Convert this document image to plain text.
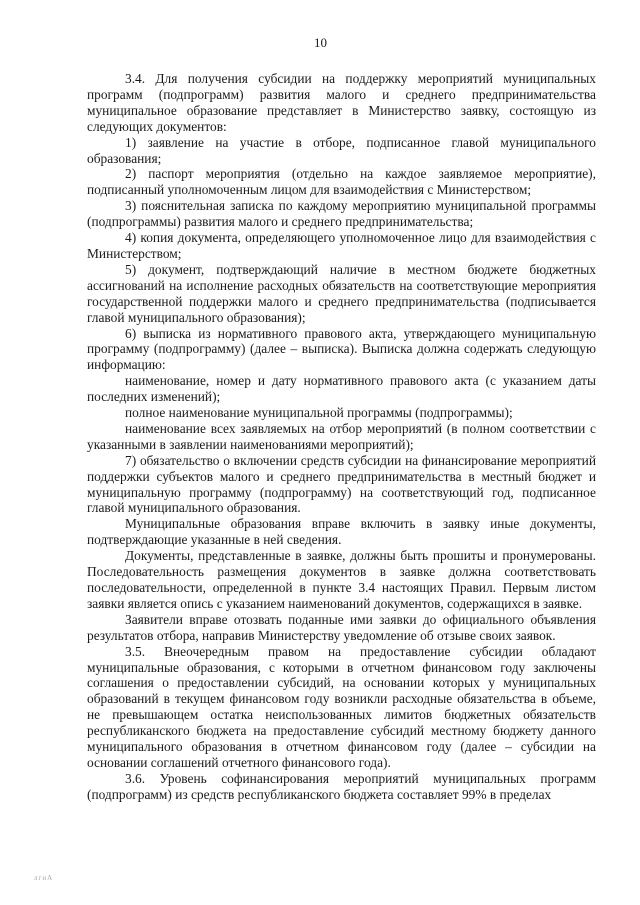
10

3.4. Для получения субсидии на поддержку мероприятий муниципальных программ (подпрограмм) развития малого и среднего предпринимательства муниципальное образование представляет в Министерство заявку, состоящую из следующих документов:

1) заявление на участие в отборе, подписанное главой муниципального образования;

2) паспорт мероприятия (отдельно на каждое заявляемое мероприятие), подписанный уполномоченным лицом для взаимодействия с Министерством;

3) пояснительная записка по каждому мероприятию муниципальной программы (подпрограммы) развития малого и среднего предпринимательства;

4) копия документа, определяющего уполномоченное лицо для взаимодействия с Министерством;

5) документ, подтверждающий наличие в местном бюджете бюджетных ассигнований на исполнение расходных обязательств на соответствующие мероприятия государственной поддержки малого и среднего предпринимательства (подписывается главой муниципального образования);

6) выписка из нормативного правового акта, утверждающего муниципальную программу (подпрограмму) (далее – выписка). Выписка должна содержать следующую информацию:

наименование, номер и дату нормативного правового акта (с указанием даты последних изменений);

полное наименование муниципальной программы (подпрограммы);

наименование всех заявляемых на отбор мероприятий (в полном соответствии с указанными в заявлении наименованиями мероприятий);

7) обязательство о включении средств субсидии на финансирование мероприятий поддержки субъектов малого и среднего предпринимательства в местный бюджет и муниципальную программу (подпрограмму) на соответствующий год, подписанное главой муниципального образования.

Муниципальные образования вправе включить в заявку иные документы, подтверждающие указанные в ней сведения.

Документы, представленные в заявке, должны быть прошиты и пронумерованы. Последовательность размещения документов в заявке должна соответствовать последовательности, определенной в пункте 3.4 настоящих Правил. Первым листом заявки является опись с указанием наименований документов, содержащихся в заявке.

Заявители вправе отозвать поданные ими заявки до официального объявления результатов отбора, направив Министерству уведомление об отзыве своих заявок.

3.5. Внеочередным правом на предоставление субсидии обладают муниципальные образования, с которыми в отчетном финансовом году заключены соглашения о предоставлении субсидий, на основании которых у муниципальных образований в текущем финансовом году возникли расходные обязательства в объеме, не превышающем остатка неиспользованных лимитов бюджетных обязательств республиканского бюджета на предоставление субсидий местному бюджету данного муниципального образования в отчетном финансовом году (далее – субсидии на основании соглашений отчетного финансового года).

3.6. Уровень софинансирования мероприятий муниципальных программ (подпрограмм) из средств республиканского бюджета составляет 99% в пределах

лгиА
